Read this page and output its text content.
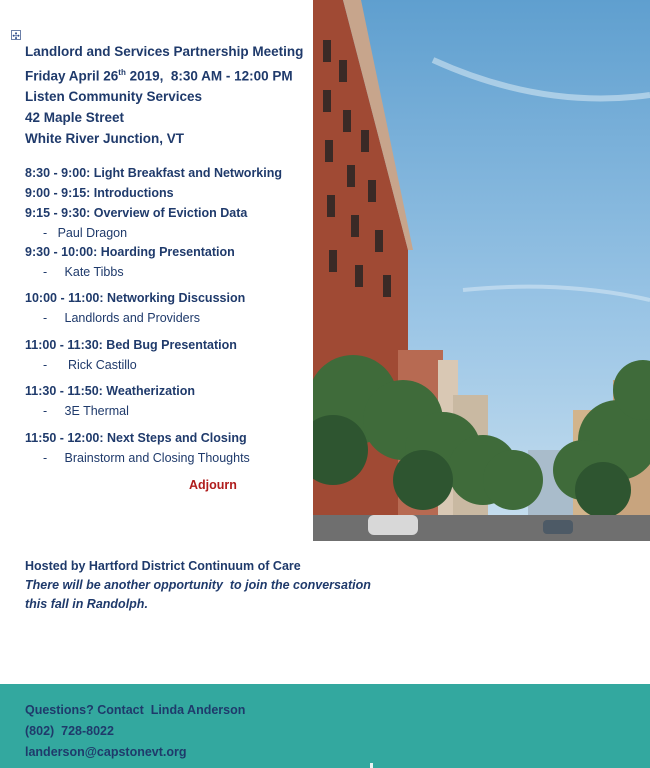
✣
Landlord and Services Partnership Meeting
Friday April 26th 2019,  8:30 AM - 12:00 PM
Listen Community Services
42 Maple Street
White River Junction, VT
8:30 - 9:00: Light Breakfast and Networking
9:00 - 9:15: Introductions
9:15 - 9:30: Overview of Eviction Data
-   Paul Dragon
9:30 - 10:00: Hoarding Presentation
-     Kate Tibbs
10:00 - 11:00: Networking Discussion
-     Landlords and Providers
11:00 - 11:30: Bed Bug Presentation
-      Rick Castillo
11:30 - 11:50: Weatherization
-     3E Thermal
11:50 - 12:00: Next Steps and Closing
-     Brainstorm and Closing Thoughts
Adjourn
Hosted by Hartford District Continuum of Care
There will be another opportunity  to join the conversation
this fall in Randolph.
Questions? Contact  Linda Anderson
(802)  728-8022
landerson@capstonevt.org
